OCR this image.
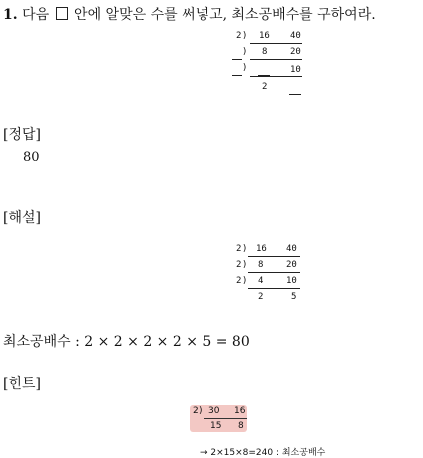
1. 다음 안에 알맞은 수를 써넣고, 최소공배수를 구하여라.
2 ) 16 40
) 8	20
)	10
2
[정답]
80
[해설]
2 ) 16 40
2 ) 8	20
2 ) 4	10
2	5
최소공배수 : 2 × 2 × 2 × 2 × 5 = 80
[힌트]
2 ) 30 16
15 8
→ 2×15×8=240 : 최소공배수
